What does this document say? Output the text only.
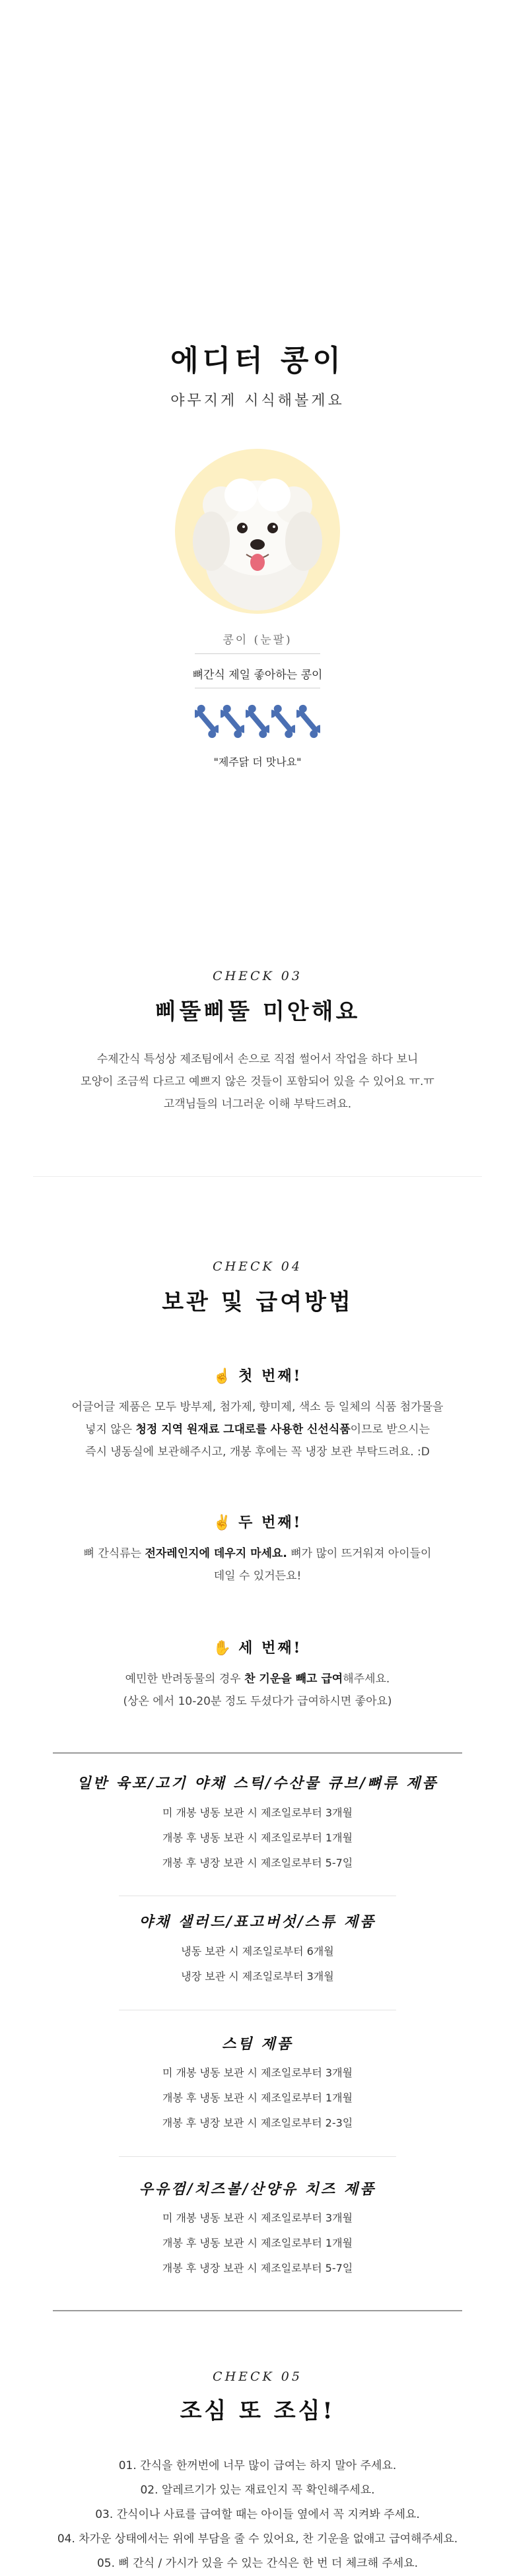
에디터 콩이
야무지게 시식해볼게요
콩이 (눈팔)
뼈간식 제일 좋아하는 콩이
"제주닭 더 맛나요"
CHECK 03
삐뚤삐뚤 미안해요
수제간식 특성상 제조팀에서 손으로 직접 썰어서 작업을 하다 보니
모양이 조금씩 다르고 예쁘지 않은 것들이 포함되어 있을 수 있어요 ㅠ.ㅠ
고객님들의 너그러운 이해 부탁드려요.
CHECK 04
보관 및 급여방법
☝ 첫 번째!
어글어글 제품은 모두 방부제, 첨가제, 향미제, 색소 등 일체의 식품 첨가물을
넣지 않은 청정 지역 원재료 그대로를 사용한 신선식품이므로 받으시는
즉시 냉동실에 보관해주시고, 개봉 후에는 꼭 냉장 보관 부탁드려요. :D
✌ 두 번째!
뼈 간식류는 전자레인지에 데우지 마세요. 뼈가 많이 뜨거워져 아이들이
데일 수 있거든요!
✋ 세 번째!
예민한 반려동물의 경우 찬 기운을 빼고 급여해주세요.
(상온 에서 10-20분 정도 두셨다가 급여하시면 좋아요)
일반 육포/고기 야채 스틱/수산물 큐브/뼈류 제품
미 개봉 냉동 보관 시 제조일로부터 3개월
개봉 후 냉동 보관 시 제조일로부터 1개월
개봉 후 냉장 보관 시 제조일로부터 5-7일
야채 샐러드/표고버섯/스튜 제품
냉동 보관 시 제조일로부터 6개월
냉장 보관 시 제조일로부터 3개월
스팀 제품
미 개봉 냉동 보관 시 제조일로부터 3개월
개봉 후 냉동 보관 시 제조일로부터 1개월
개봉 후 냉장 보관 시 제조일로부터 2-3일
우유껌/치즈볼/산양유 치즈 제품
미 개봉 냉동 보관 시 제조일로부터 3개월
개봉 후 냉동 보관 시 제조일로부터 1개월
개봉 후 냉장 보관 시 제조일로부터 5-7일
CHECK 05
조심 또 조심!
01. 간식을 한꺼번에 너무 많이 급여는 하지 말아 주세요.
02. 알레르기가 있는 재료인지 꼭 확인해주세요.
03. 간식이나 사료를 급여할 때는 아이들 옆에서 꼭 지켜봐 주세요.
04. 차가운 상태에서는 위에 부담을 줄 수 있어요, 찬 기운을 없애고 급여해주세요.
05. 뼈 간식 / 가시가 있을 수 있는 간식은 한 번 더 체크해 주세요.
